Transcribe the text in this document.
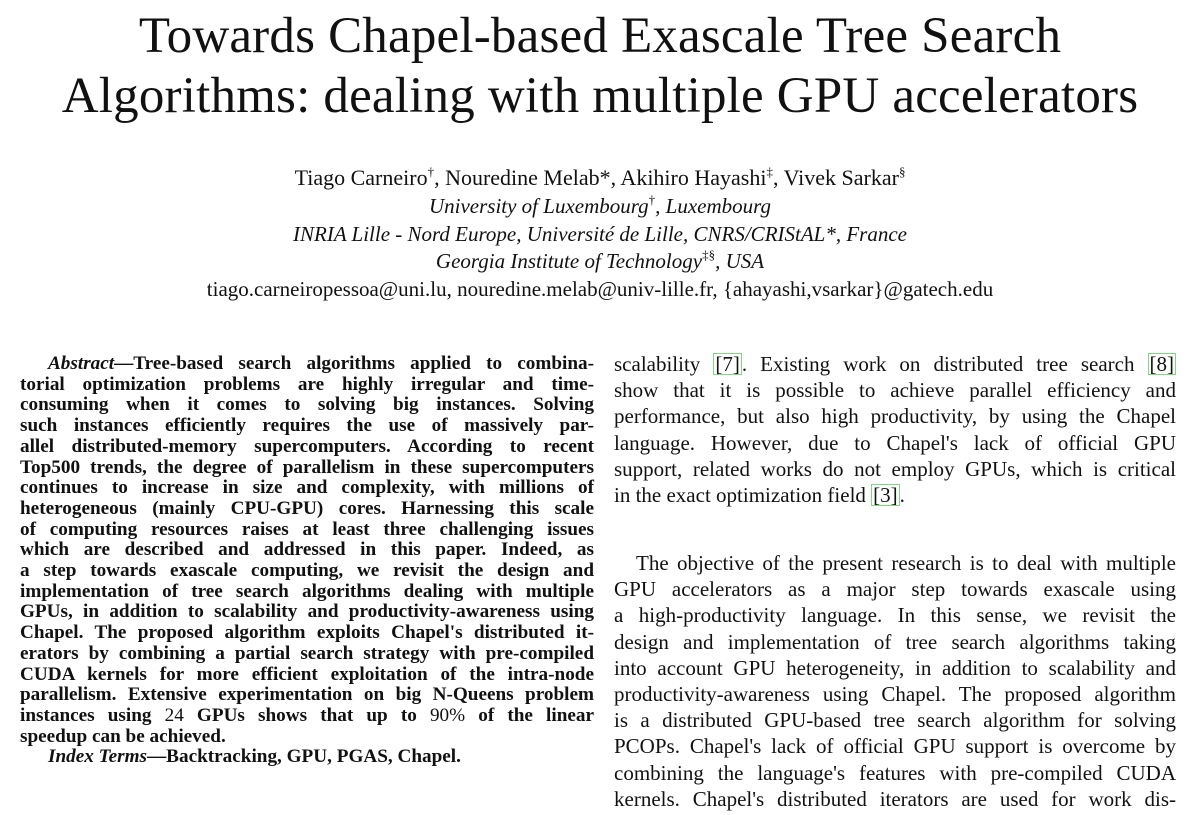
Towards Chapel-based Exascale Tree Search
Algorithms: dealing with multiple GPU accelerators
Tiago Carneiro†, Nouredine Melab*, Akihiro Hayashi‡, Vivek Sarkar§
University of Luxembourg†, Luxembourg
INRIA Lille - Nord Europe, Université de Lille, CNRS/CRIStAL*, France
Georgia Institute of Technology‡§, USA
tiago.carneiropessoa@uni.lu, nouredine.melab@univ-lille.fr, {ahayashi,vsarkar}@gatech.edu
Abstract—Tree-based search algorithms applied to combina-
torial optimization problems are highly irregular and time-
consuming when it comes to solving big instances. Solving
such instances efficiently requires the use of massively par-
allel distributed-memory supercomputers. According to recent
Top500 trends, the degree of parallelism in these supercomputers
continues to increase in size and complexity, with millions of
heterogeneous (mainly CPU-GPU) cores. Harnessing this scale
of computing resources raises at least three challenging issues
which are described and addressed in this paper. Indeed, as
a step towards exascale computing, we revisit the design and
implementation of tree search algorithms dealing with multiple
GPUs, in addition to scalability and productivity-awareness using
Chapel. The proposed algorithm exploits Chapel's distributed it-
erators by combining a partial search strategy with pre-compiled
CUDA kernels for more efficient exploitation of the intra-node
parallelism. Extensive experimentation on big N-Queens problem
instances using 24 GPUs shows that up to 90% of the linear
speedup can be achieved.
Index Terms—Backtracking, GPU, PGAS, Chapel.
scalability [7]. Existing work on distributed tree search [8]
show that it is possible to achieve parallel efficiency and
performance, but also high productivity, by using the Chapel
language. However, due to Chapel's lack of official GPU
support, related works do not employ GPUs, which is critical
in the exact optimization field [3].
The objective of the present research is to deal with multiple
GPU accelerators as a major step towards exascale using
a high-productivity language. In this sense, we revisit the
design and implementation of tree search algorithms taking
into account GPU heterogeneity, in addition to scalability and
productivity-awareness using Chapel. The proposed algorithm
is a distributed GPU-based tree search algorithm for solving
PCOPs. Chapel's lack of official GPU support is overcome by
combining the language's features with pre-compiled CUDA
kernels. Chapel's distributed iterators are used for work dis-
